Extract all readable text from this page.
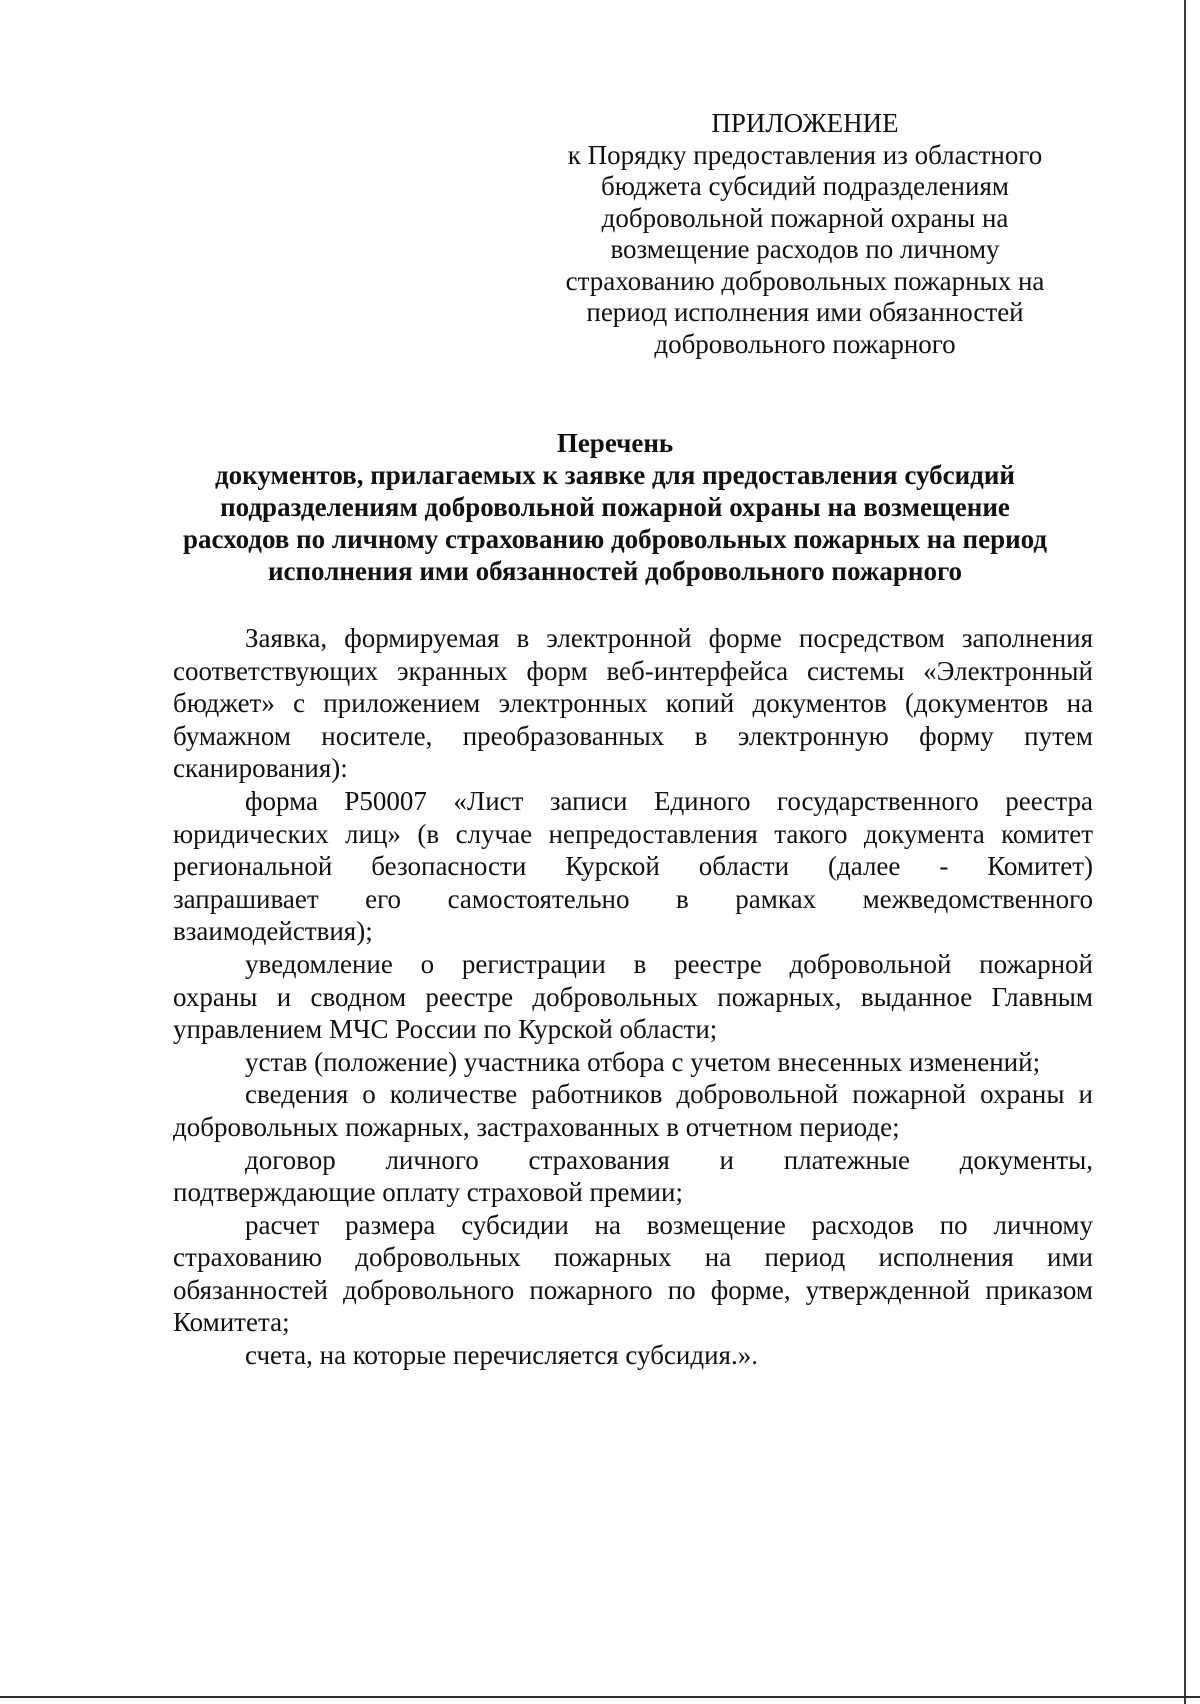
ПРИЛОЖЕНИЕ
к Порядку предоставления из областного
бюджета субсидий подразделениям
добровольной пожарной охраны на
возмещение расходов по личному
страхованию добровольных пожарных на
период исполнения ими обязанностей
добровольного пожарного
Перечень
документов, прилагаемых к заявке для предоставления субсидий
подразделениям добровольной пожарной охраны на возмещение
расходов по личному страхованию добровольных пожарных на период
исполнения ими обязанностей добровольного пожарного

Заявка, формируемая в электронной форме посредством заполнения
соответствующих экранных форм веб-интерфейса системы «Электронный
бюджет» с приложением электронных копий документов (документов на
бумажном носителе, преобразованных в электронную форму путем
сканирования):

форма Р50007 «Лист записи Единого государственного реестра
юридических лиц» (в случае непредоставления такого документа комитет
региональной безопасности Курской области (далее - Комитет)
запрашивает его самостоятельно в рамках межведомственного
взаимодействия);

уведомление о регистрации в реестре добровольной пожарной
охраны и сводном реестре добровольных пожарных, выданное Главным
управлением МЧС России по Курской области;

устав (положение) участника отбора с учетом внесенных изменений;

сведения о количестве работников добровольной пожарной охраны и
добровольных пожарных, застрахованных в отчетном периоде;

договор личного страхования и платежные документы,
подтверждающие оплату страховой премии;

расчет размера субсидии на возмещение расходов по личному
страхованию добровольных пожарных на период исполнения ими
обязанностей добровольного пожарного по форме, утвержденной приказом
Комитета;

счета, на которые перечисляется субсидия.».
